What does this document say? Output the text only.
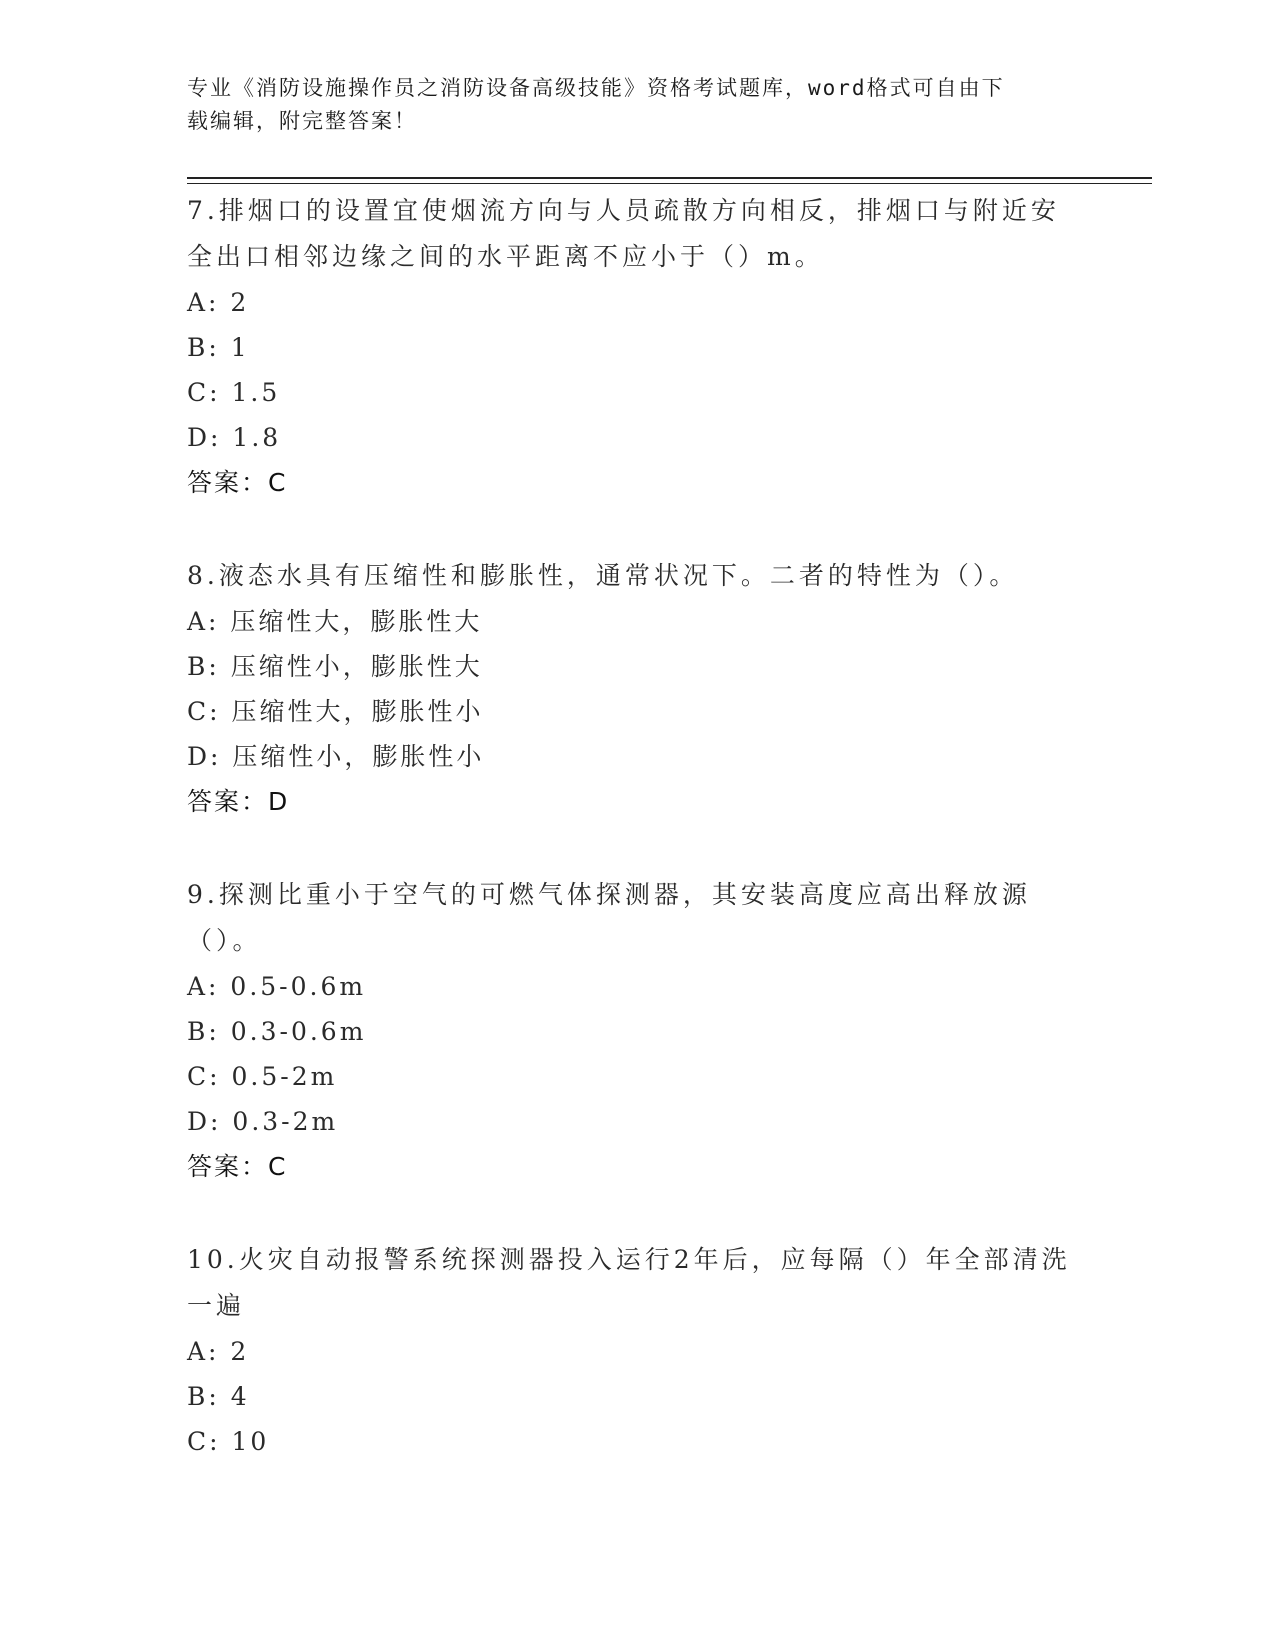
专业《消防设施操作员之消防设备高级技能》资格考试题库，word格式可自由下
载编辑，附完整答案！
7.排烟口的设置宜使烟流方向与人员疏散方向相反，排烟口与附近安全出口相邻边缘之间的水平距离不应小于（）m。
A: 2
B: 1
C: 1.5
D: 1.8
答案：C
8.液态水具有压缩性和膨胀性，通常状况下。二者的特性为（）。
A: 压缩性大，膨胀性大
B: 压缩性小，膨胀性大
C: 压缩性大，膨胀性小
D: 压缩性小，膨胀性小
答案：D
9.探测比重小于空气的可燃气体探测器，其安装高度应高出释放源（）。
A: 0.5-0.6m
B: 0.3-0.6m
C: 0.5-2m
D: 0.3-2m
答案：C
10.火灾自动报警系统探测器投入运行2年后，应每隔（）年全部清洗一遍
A: 2
B: 4
C: 10
